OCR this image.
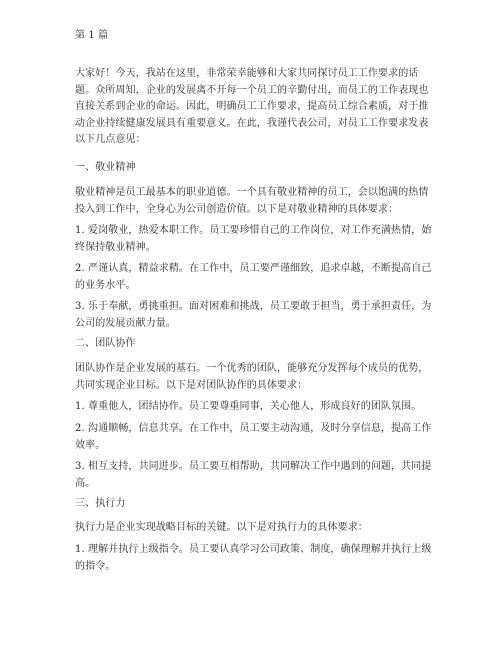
第 1 篇

大家好！今天，我站在这里，非常荣幸能够和大家共同探讨员工工作要求的话题。众所周知，企业的发展离不开每一个员工的辛勤付出，而员工的工作表现也直接关系到企业的命运。因此，明确员工工作要求，提高员工综合素质，对于推动企业持续健康发展具有重要意义。在此，我谨代表公司，对员工工作要求发表以下几点意见：

一、敬业精神

敬业精神是员工最基本的职业道德。一个具有敬业精神的员工，会以饱满的热情投入到工作中，全身心为公司创造价值。以下是对敬业精神的具体要求：

1. 爱岗敬业，热爱本职工作。员工要珍惜自己的工作岗位，对工作充满热情，始终保持敬业精神。

2. 严谨认真，精益求精。在工作中，员工要严谨细致，追求卓越，不断提高自己的业务水平。

3. 乐于奉献，勇挑重担。面对困难和挑战，员工要敢于担当，勇于承担责任，为公司的发展贡献力量。

二、团队协作

团队协作是企业发展的基石。一个优秀的团队，能够充分发挥每个成员的优势，共同实现企业目标。以下是对团队协作的具体要求：

1. 尊重他人，团结协作。员工要尊重同事，关心他人，形成良好的团队氛围。

2. 沟通顺畅，信息共享。在工作中，员工要主动沟通，及时分享信息，提高工作效率。

3. 相互支持，共同进步。员工要互相帮助，共同解决工作中遇到的问题，共同提高。

三、执行力

执行力是企业实现战略目标的关键。以下是对执行力的具体要求：

1. 理解并执行上级指令。员工要认真学习公司政策、制度，确保理解并执行上级的指令。
